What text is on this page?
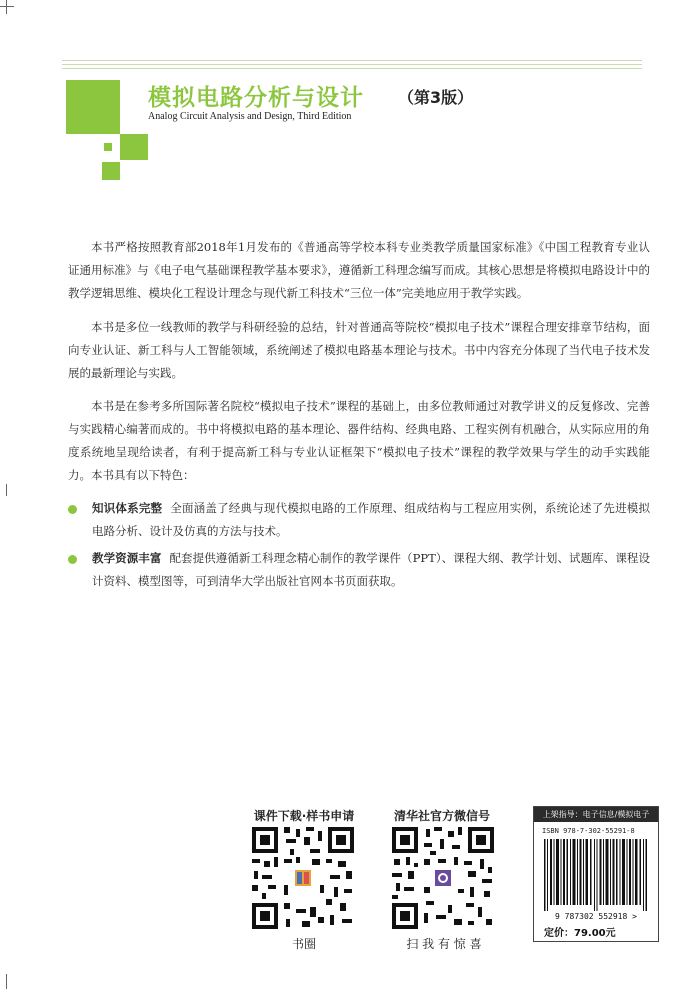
模拟电路分析与设计 （第3版）
Analog Circuit Analysis and Design, Third Edition

本书严格按照教育部2018年1月发布的《普通高等学校本科专业类教学质量国家标准》《中国工程教育专业认证通用标准》与《电子电气基础课程教学基本要求》，遵循新工科理念编写而成。其核心思想是将模拟电路设计中的教学逻辑思维、模块化工程设计理念与现代新工科技术“三位一体”完美地应用于教学实践。

本书是多位一线教师的教学与科研经验的总结，针对普通高等院校“模拟电子技术”课程合理安排章节结构，面向专业认证、新工科与人工智能领域，系统阐述了模拟电路基本理论与技术。书中内容充分体现了当代电子技术发展的最新理论与实践。

本书是在参考多所国际著名院校“模拟电子技术”课程的基础上，由多位教师通过对教学讲义的反复修改、完善与实践精心编著而成的。书中将模拟电路的基本理论、器件结构、经典电路、工程实例有机融合，从实际应用的角度系统地呈现给读者，有利于提高新工科与专业认证框架下“模拟电子技术”课程的教学效果与学生的动手实践能力。本书具有以下特色：

知识体系完整 全面涵盖了经典与现代模拟电路的工作原理、组成结构与工程应用实例，系统论述了先进模拟电路分析、设计及仿真的方法与技术。

教学资源丰富 配套提供遵循新工科理念精心制作的教学课件（PPT）、课程大纲、教学计划、试题库、课程设计资料、模型图等，可到清华大学出版社官网本书页面获取。

课件下载·样书申请
书圈
清华社官方微信号
扫 我 有 惊 喜
上架指导：电子信息/模拟电子
ISBN 978-7-302-55291-8
9 787302 552918 >
定价：79.00元
